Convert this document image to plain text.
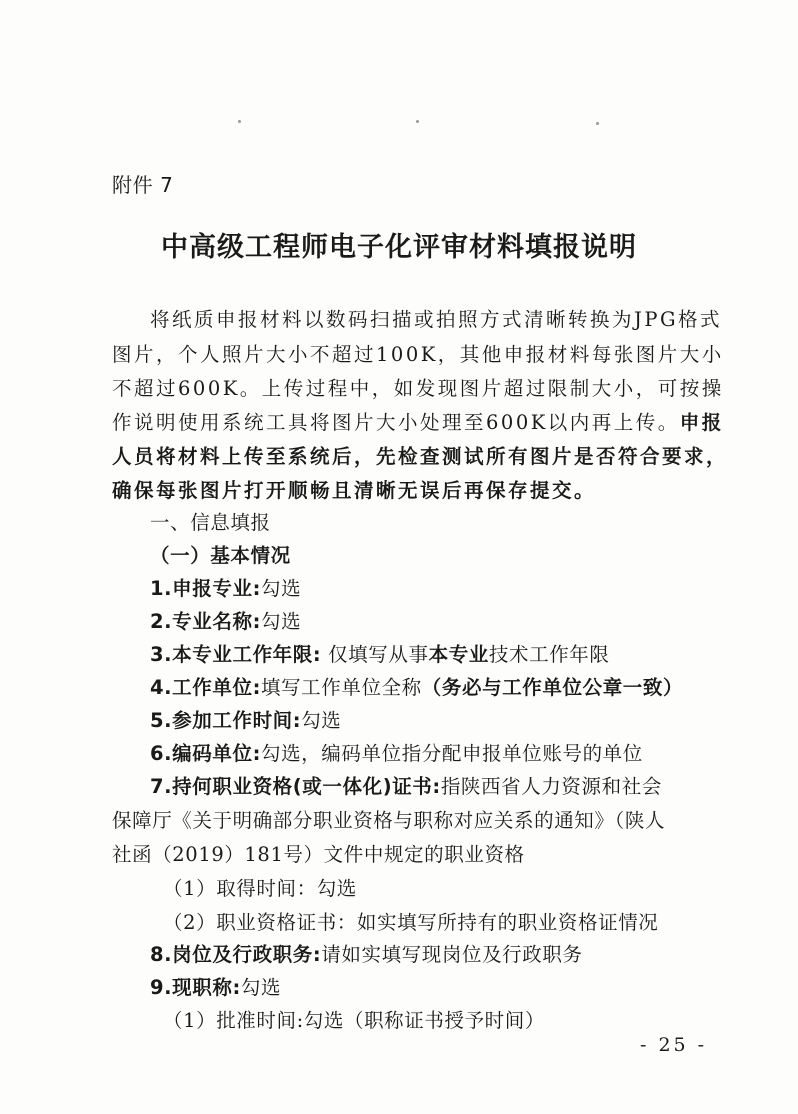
附件 7
中高级工程师电子化评审材料填报说明
将纸质申报材料以数码扫描或拍照方式清晰转换为JPG格式
图片，个人照片大小不超过100K，其他申报材料每张图片大小
不超过600K。上传过程中，如发现图片超过限制大小，可按操
作说明使用系统工具将图片大小处理至600K以内再上传。申报
人员将材料上传至系统后，先检查测试所有图片是否符合要求，
确保每张图片打开顺畅且清晰无误后再保存提交。
一、信息填报
（一）基本情况
1.申报专业:勾选
2.专业名称:勾选
3.本专业工作年限: 仅填写从事本专业技术工作年限
4.工作单位:填写工作单位全称（务必与工作单位公章一致）
5.参加工作时间:勾选
6.编码单位:勾选，编码单位指分配申报单位账号的单位
7.持何职业资格(或一体化)证书:指陕西省人力资源和社会
保障厅《关于明确部分职业资格与职称对应关系的通知》（陕人
社函（2019）181号）文件中规定的职业资格
（1）取得时间：勾选
（2）职业资格证书：如实填写所持有的职业资格证情况
8.岗位及行政职务:请如实填写现岗位及行政职务
9.现职称:勾选
（1）批准时间:勾选（职称证书授予时间）
- 25 -
